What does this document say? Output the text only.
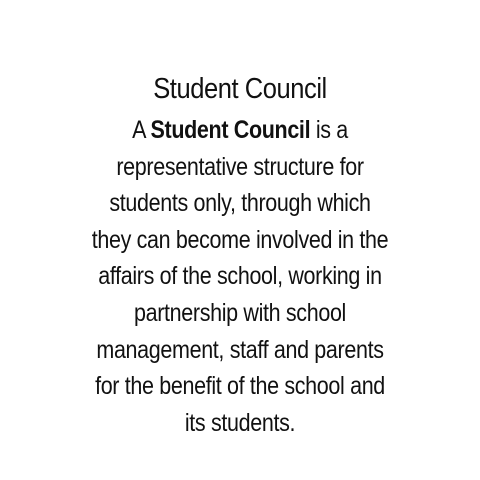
Student Council
A Student Council is a
representative structure for
students only, through which
they can become involved in the
affairs of the school, working in
partnership with school
management, staff and parents
for the benefit of the school and
its students.
